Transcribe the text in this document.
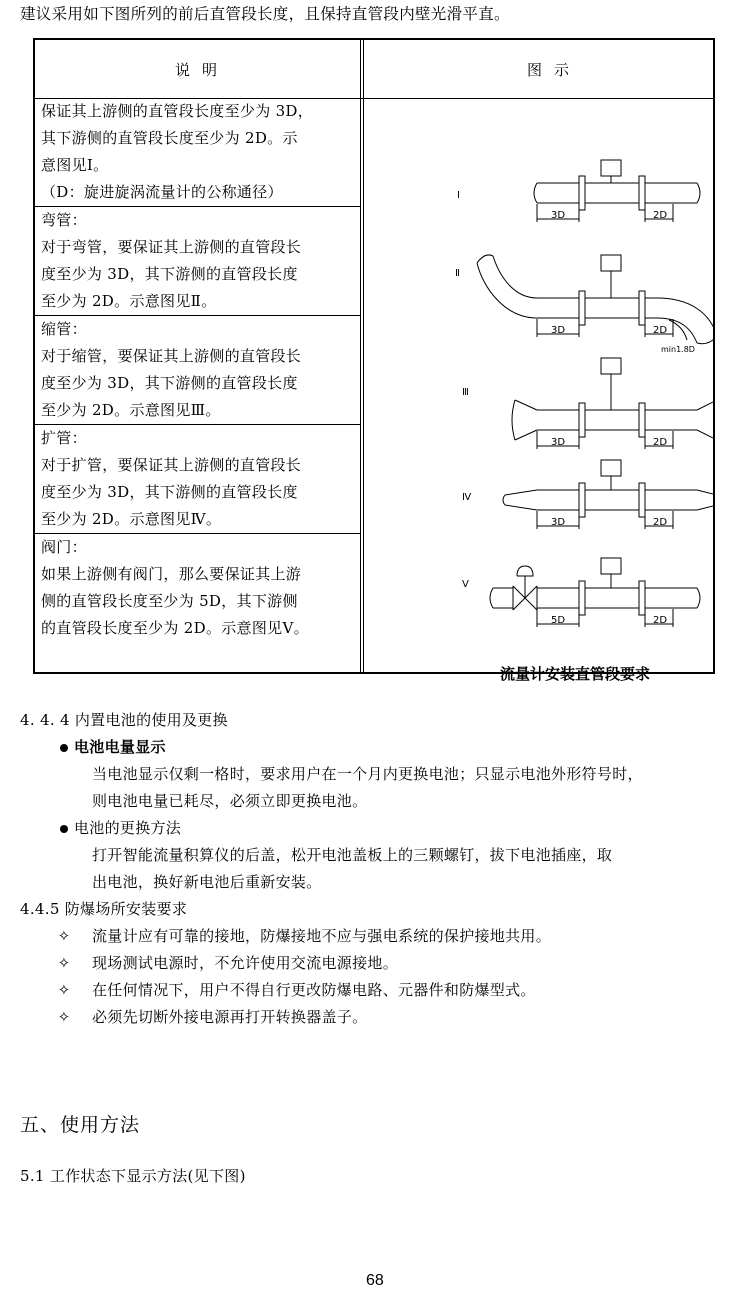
建议采用如下图所列的前后直管段长度，且保持直管段内壁光滑平直。
说明	图示
保证其上游侧的直管段长度至少为 3D，
其下游侧的直管段长度至少为 2D。示
意图见Ⅰ。
（D：旋进旋涡流量计的公称通径）
弯管：
对于弯管，要保证其上游侧的直管段长
度至少为 3D，其下游侧的直管段长度
至少为 2D。示意图见Ⅱ。
缩管：
对于缩管，要保证其上游侧的直管段长
度至少为 3D，其下游侧的直管段长度
至少为 2D。示意图见Ⅲ。
扩管：
对于扩管，要保证其上游侧的直管段长
度至少为 3D，其下游侧的直管段长度
至少为 2D。示意图见Ⅳ。
阀门：
如果上游侧有阀门，那么要保证其上游
侧的直管段长度至少为 5D，其下游侧
的直管段长度至少为 2D。示意图见Ⅴ。
Ⅰ
Ⅱ
Ⅲ
Ⅳ
Ⅴ
3D	2D
3D	2D
min1.8D
3D	2D
3D	2D
5D	2D
流量计安装直管段要求
4. 4. 4 内置电池的使用及更换
电池电量显示
当电池显示仅剩一格时，要求用户在一个月内更换电池；只显示电池外形符号时，
则电池电量已耗尽，必须立即更换电池。
电池的更换方法
打开智能流量积算仪的后盖，松开电池盖板上的三颗螺钉，拔下电池插座，取
出电池，换好新电池后重新安装。
4.4.5 防爆场所安装要求
✧ 流量计应有可靠的接地，防爆接地不应与强电系统的保护接地共用。
✧ 现场测试电源时，不允许使用交流电源接地。
✧ 在任何情况下，用户不得自行更改防爆电路、元器件和防爆型式。
✧ 必须先切断外接电源再打开转换器盖子。
五、使用方法
5.1 工作状态下显示方法(见下图)
68
